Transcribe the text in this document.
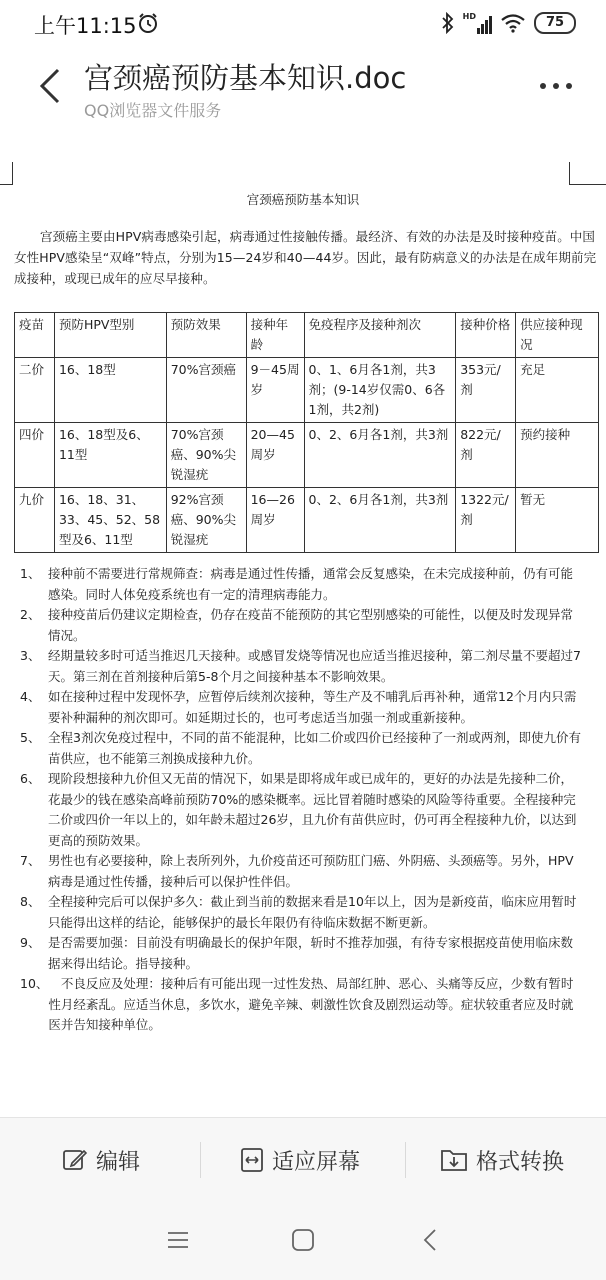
上午11:15	HD	75
宫颈癌预防基本知识.doc
QQ浏览器文件服务
宫颈癌预防基本知识
宫颈癌主要由HPV病毒感染引起，病毒通过性接触传播。最经济、有效的办法是及时接种疫苗。中国女性HPV感染呈“双峰”特点，分别为15—24岁和40—44岁。因此，最有防病意义的办法是在成年期前完成接种，或现已成年的应尽早接种。
疫苗	预防HPV型别	预防效果	接种年龄	免疫程序及接种剂次	接种价格	供应接种现况
二价	16、18型	70%宫颈癌	9－45周岁	0、1、6月各1剂，共3剂；(9-14岁仅需0、6各1剂，共2剂)	353元/剂	充足
四价	16、18型及6、11型	70%宫颈癌、90%尖锐湿疣	20—45周岁	0、2、6月各1剂，共3剂	822元/剂	预约接种
九价	16、18、31、33、45、52、58型及6、11型	92%宫颈癌、90%尖锐湿疣	16—26周岁	0、2、6月各1剂，共3剂	1322元/剂	暂无
1、 接种前不需要进行常规筛查：病毒是通过性传播，通常会反复感染，在未完成接种前，仍有可能感染。同时人体免疫系统也有一定的清理病毒能力。
2、 接种疫苗后仍建议定期检查，仍存在疫苗不能预防的其它型别感染的可能性，以便及时发现异常情况。
3、 经期量较多时可适当推迟几天接种。或感冒发烧等情况也应适当推迟接种，第二剂尽量不要超过7天。第三剂在首剂接种后第5-8个月之间接种基本不影响效果。
4、 如在接种过程中发现怀孕，应暂停后续剂次接种，等生产及不哺乳后再补种，通常12个月内只需要补种漏种的剂次即可。如延期过长的，也可考虑适当加强一剂或重新接种。
5、 全程3剂次免疫过程中，不同的苗不能混种，比如二价或四价已经接种了一剂或两剂，即使九价有苗供应，也不能第三剂换成接种九价。
6、 现阶段想接种九价但又无苗的情况下，如果是即将成年或已成年的，更好的办法是先接种二价，花最少的钱在感染高峰前预防70%的感染概率。远比冒着随时感染的风险等待重要。全程接种完二价或四价一年以上的，如年龄未超过26岁，且九价有苗供应时，仍可再全程接种九价，以达到更高的预防效果。
7、 男性也有必要接种，除上表所列外，九价疫苗还可预防肛门癌、外阴癌、头颈癌等。另外，HPV病毒是通过性传播，接种后可以保护性伴侣。
8、 全程接种完后可以保护多久：截止到当前的数据来看是10年以上，因为是新疫苗，临床应用暂时只能得出这样的结论，能够保护的最长年限仍有待临床数据不断更新。
9、 是否需要加强：目前没有明确最长的保护年限，斩时不推荐加强，有待专家根据疫苗使用临床数据来得出结论。指导接种。
10、 　不良反应及处理：接种后有可能出现一过性发热、局部红肿、恶心、头痛等反应，少数有暂时性月经紊乱。应适当休息，多饮水，避免辛辣、刺激性饮食及剧烈运动等。症状较重者应及时就医并告知接种单位。
编辑	适应屏幕	格式转换
